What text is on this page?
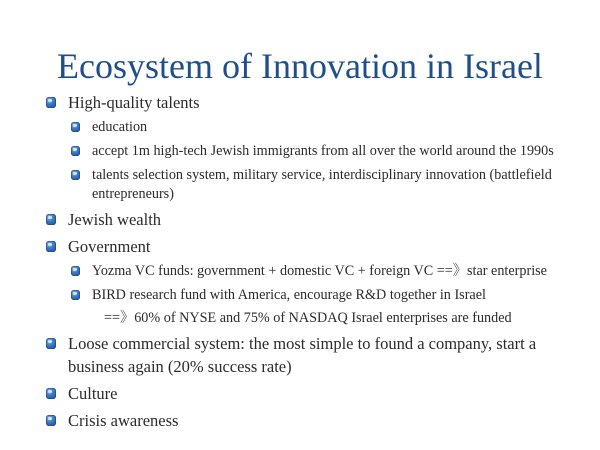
Ecosystem of Innovation in Israel
High-quality talents
education
accept 1m high-tech Jewish immigrants from all over the world around the 1990s
talents selection system, military service, interdisciplinary innovation (battlefield entrepreneurs)
Jewish wealth
Government
Yozma VC funds: government + domestic VC + foreign VC ==》star enterprise
BIRD research fund with America, encourage R&D together in Israel
==》60% of NYSE and 75% of NASDAQ Israel enterprises are funded
Loose commercial system: the most simple to found a company, start a business again (20% success rate)
Culture
Crisis awareness
